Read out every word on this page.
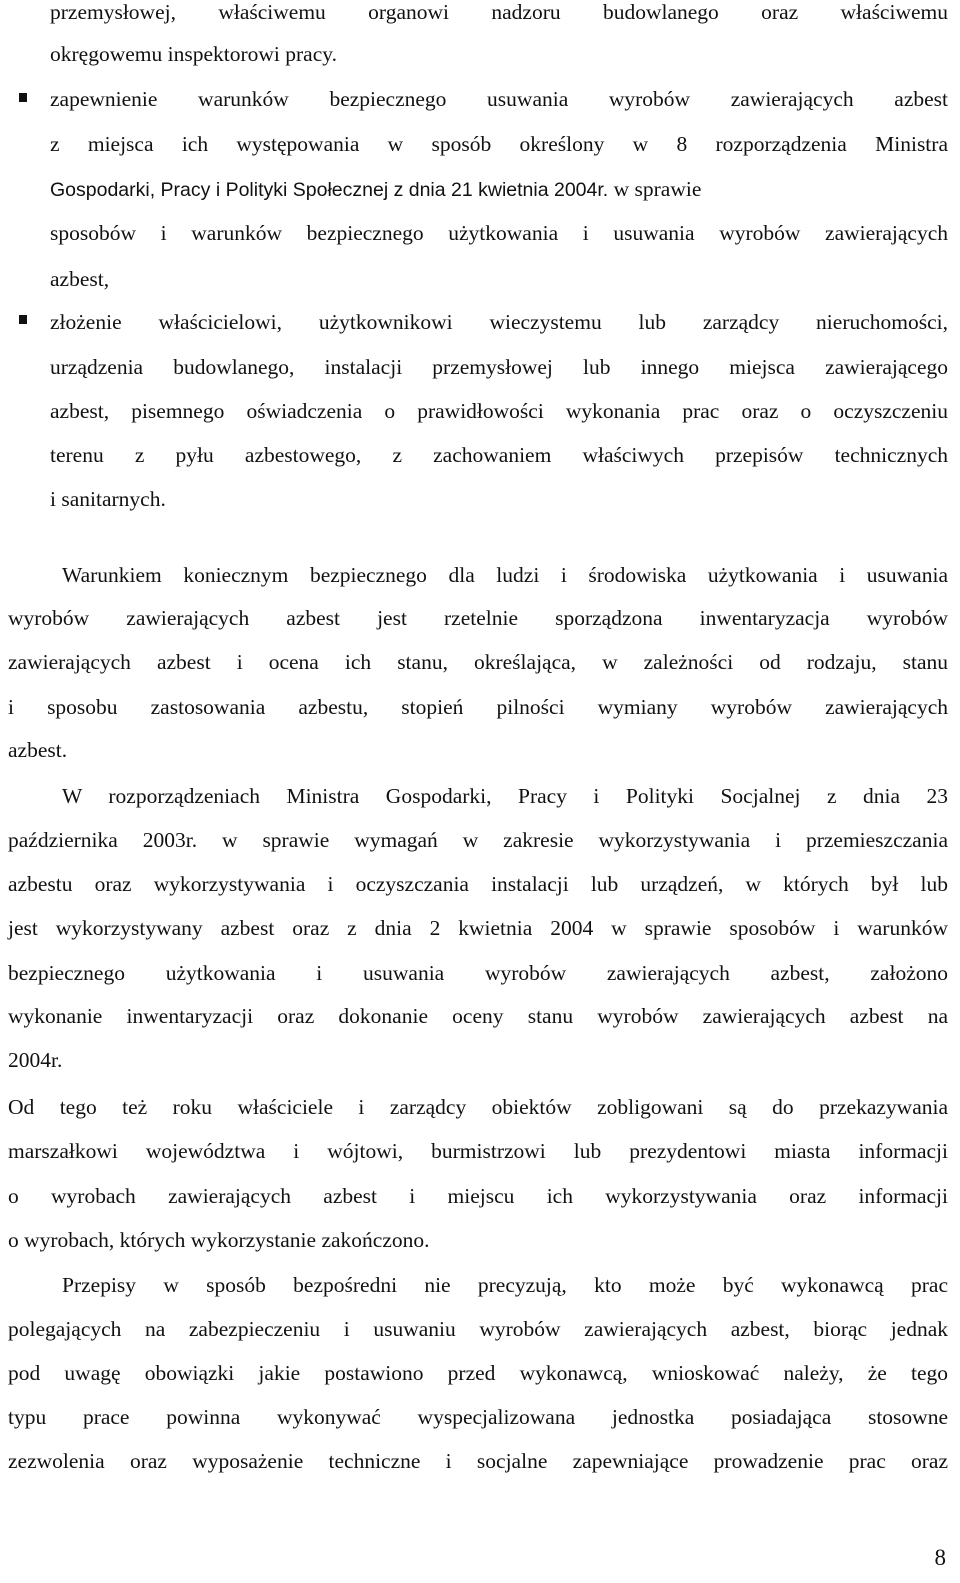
przemysłowej, właściwemu organowi nadzoru budowlanego oraz właściwemu
okręgowemu inspektorowi pracy.
zapewnienie warunków bezpiecznego usuwania wyrobów zawierających azbest
z miejsca ich występowania w sposób określony w 8 rozporządzenia Ministra
Gospodarki, Pracy i Polityki Społecznej z dnia 21 kwietnia 2004r. w sprawie
sposobów i warunków bezpiecznego użytkowania i usuwania wyrobów zawierających
azbest,
złożenie właścicielowi, użytkownikowi wieczystemu lub zarządcy nieruchomości,
urządzenia budowlanego, instalacji przemysłowej lub innego miejsca zawierającego
azbest, pisemnego oświadczenia o prawidłowości wykonania prac oraz o oczyszczeniu
terenu z pyłu azbestowego, z zachowaniem właściwych przepisów technicznych
i sanitarnych.
Warunkiem koniecznym bezpiecznego dla ludzi i środowiska użytkowania i usuwania
wyrobów zawierających azbest jest rzetelnie sporządzona inwentaryzacja wyrobów
zawierających azbest i ocena ich stanu, określająca, w zależności od rodzaju, stanu
i sposobu zastosowania azbestu, stopień pilności wymiany wyrobów zawierających
azbest.
W rozporządzeniach Ministra Gospodarki, Pracy i Polityki Socjalnej z dnia 23
października 2003r. w sprawie wymagań w zakresie wykorzystywania i przemieszczania
azbestu oraz wykorzystywania i oczyszczania instalacji lub urządzeń, w których był lub
jest wykorzystywany azbest oraz z dnia 2 kwietnia 2004 w sprawie sposobów i warunków
bezpiecznego użytkowania i usuwania wyrobów zawierających azbest, założono
wykonanie inwentaryzacji oraz dokonanie oceny stanu wyrobów zawierających azbest na
2004r.
Od tego też roku właściciele i zarządcy obiektów zobligowani są do przekazywania
marszałkowi województwa i wójtowi, burmistrzowi lub prezydentowi miasta informacji
o wyrobach zawierających azbest i miejscu ich wykorzystywania oraz informacji
o wyrobach, których wykorzystanie zakończono.
Przepisy w sposób bezpośredni nie precyzują, kto może być wykonawcą prac
polegających na zabezpieczeniu i usuwaniu wyrobów zawierających azbest, biorąc jednak
pod uwagę obowiązki jakie postawiono przed wykonawcą, wnioskować należy, że tego
typu prace powinna wykonywać wyspecjalizowana jednostka posiadająca stosowne
zezwolenia oraz wyposażenie techniczne i socjalne zapewniające prowadzenie prac oraz
8
